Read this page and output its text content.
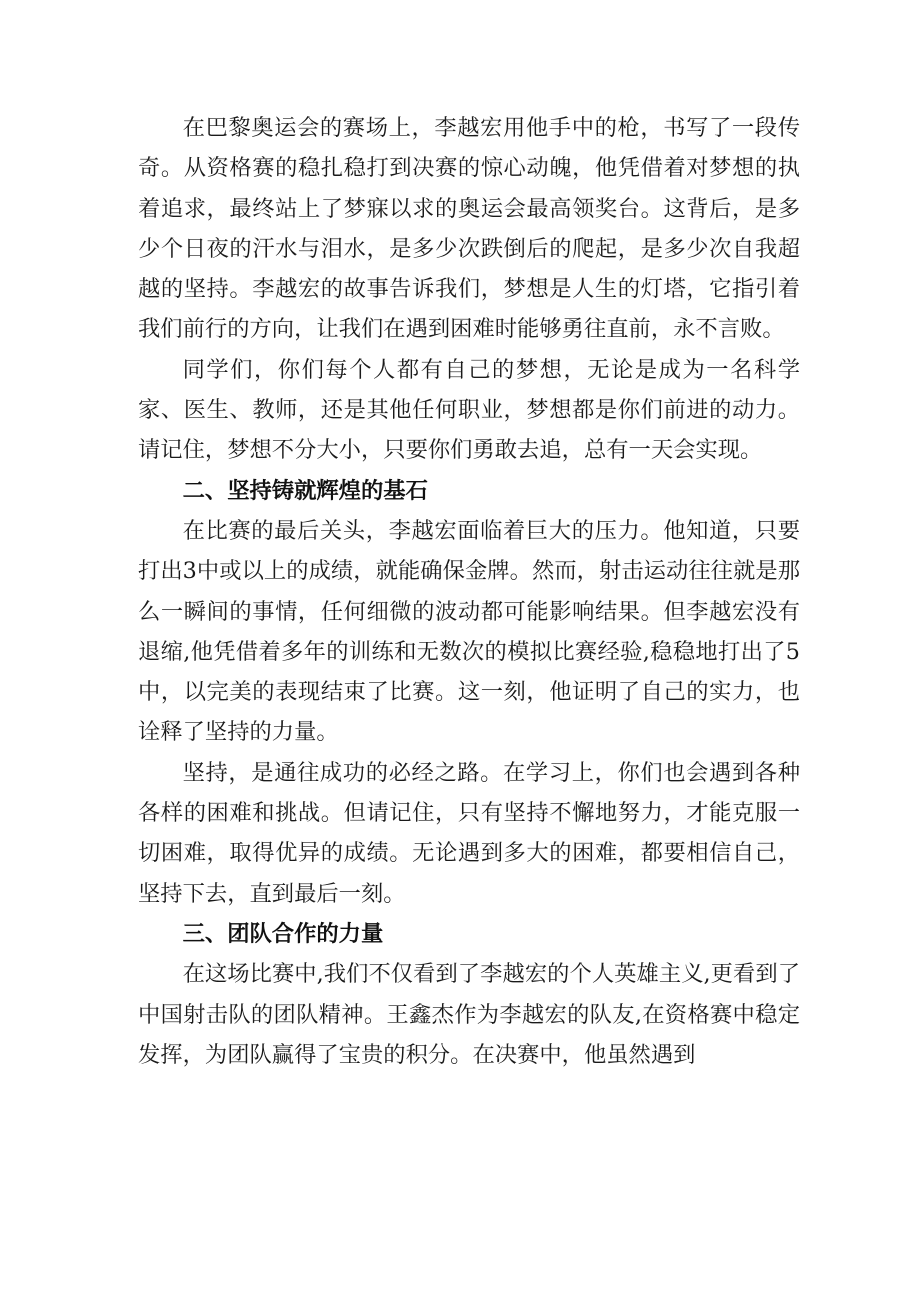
在巴黎奥运会的赛场上，李越宏用他手中的枪，书写了一段传奇。从资格赛的稳扎稳打到决赛的惊心动魄，他凭借着对梦想的执着追求，最终站上了梦寐以求的奥运会最高领奖台。这背后，是多少个日夜的汗水与泪水，是多少次跌倒后的爬起，是多少次自我超越的坚持。李越宏的故事告诉我们，梦想是人生的灯塔，它指引着我们前行的方向，让我们在遇到困难时能够勇往直前，永不言败。

同学们，你们每个人都有自己的梦想，无论是成为一名科学家、医生、教师，还是其他任何职业，梦想都是你们前进的动力。请记住，梦想不分大小，只要你们勇敢去追，总有一天会实现。

二、坚持铸就辉煌的基石

在比赛的最后关头，李越宏面临着巨大的压力。他知道，只要打出3中或以上的成绩，就能确保金牌。然而，射击运动往往就是那么一瞬间的事情，任何细微的波动都可能影响结果。但李越宏没有退缩,他凭借着多年的训练和无数次的模拟比赛经验,稳稳地打出了5中，以完美的表现结束了比赛。这一刻，他证明了自己的实力，也诠释了坚持的力量。

坚持，是通往成功的必经之路。在学习上，你们也会遇到各种各样的困难和挑战。但请记住，只有坚持不懈地努力，才能克服一切困难，取得优异的成绩。无论遇到多大的困难，都要相信自己，坚持下去，直到最后一刻。

三、团队合作的力量

在这场比赛中,我们不仅看到了李越宏的个人英雄主义,更看到了中国射击队的团队精神。王鑫杰作为李越宏的队友,在资格赛中稳定发挥，为团队赢得了宝贵的积分。在决赛中，他虽然遇到
